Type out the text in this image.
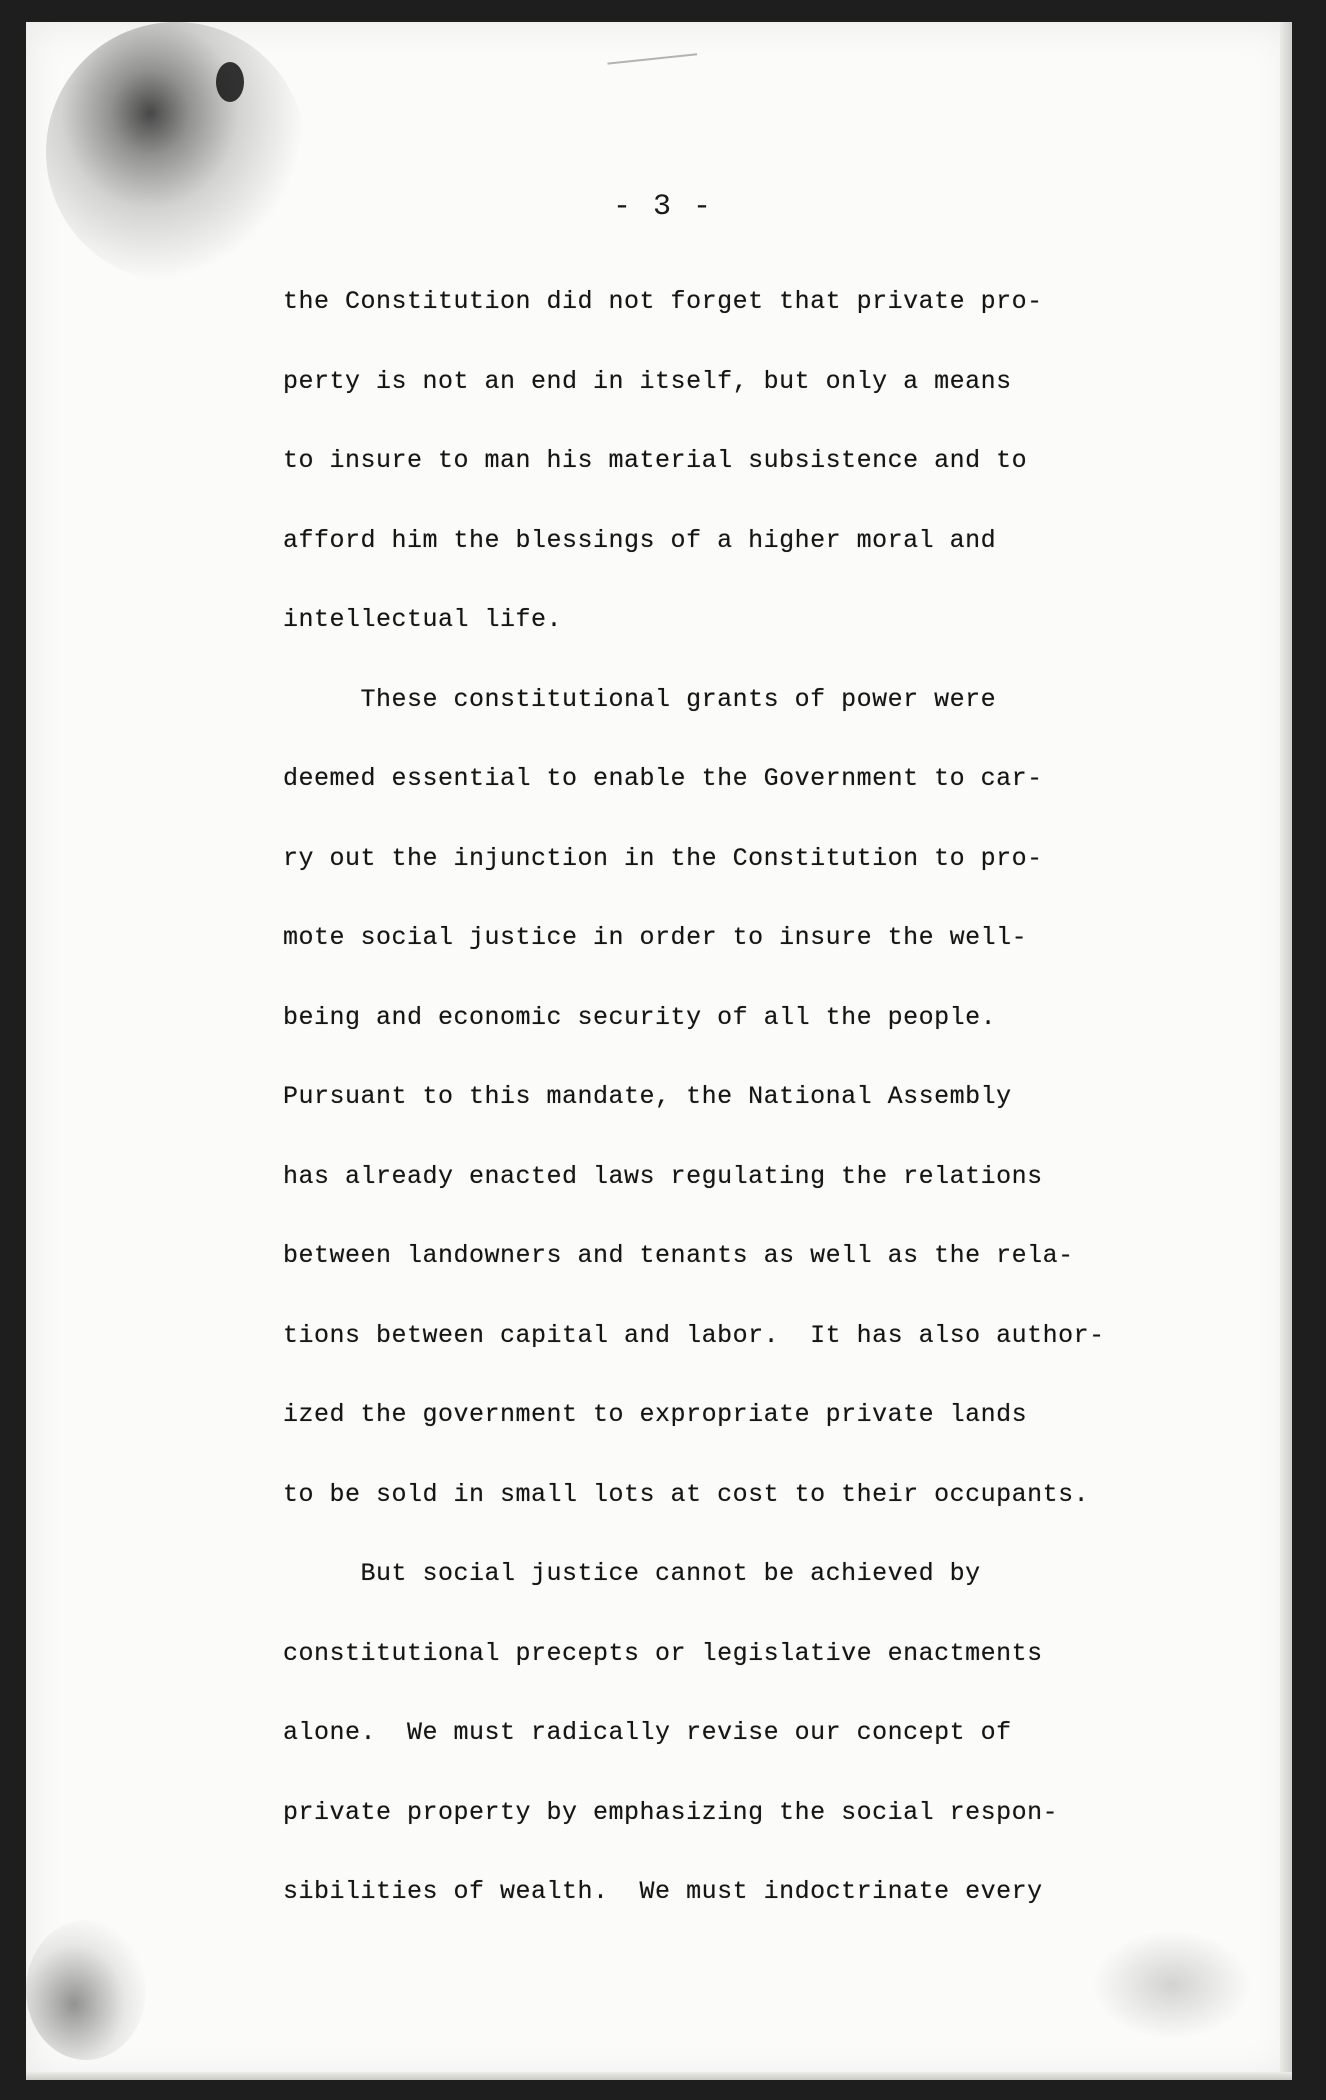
- 3 -
the Constitution did not forget that private pro-
perty is not an end in itself, but only a means
to insure to man his material subsistence and to
afford him the blessings of a higher moral and
intellectual life.
These constitutional grants of power were
deemed essential to enable the Government to car-
ry out the injunction in the Constitution to pro-
mote social justice in order to insure the well-
being and economic security of all the people.
Pursuant to this mandate, the National Assembly
has already enacted laws regulating the relations
between landowners and tenants as well as the rela-
tions between capital and labor.  It has also author-
ized the government to expropriate private lands
to be sold in small lots at cost to their occupants.
But social justice cannot be achieved by
constitutional precepts or legislative enactments
alone.  We must radically revise our concept of
private property by emphasizing the social respon-
sibilities of wealth.  We must indoctrinate every
